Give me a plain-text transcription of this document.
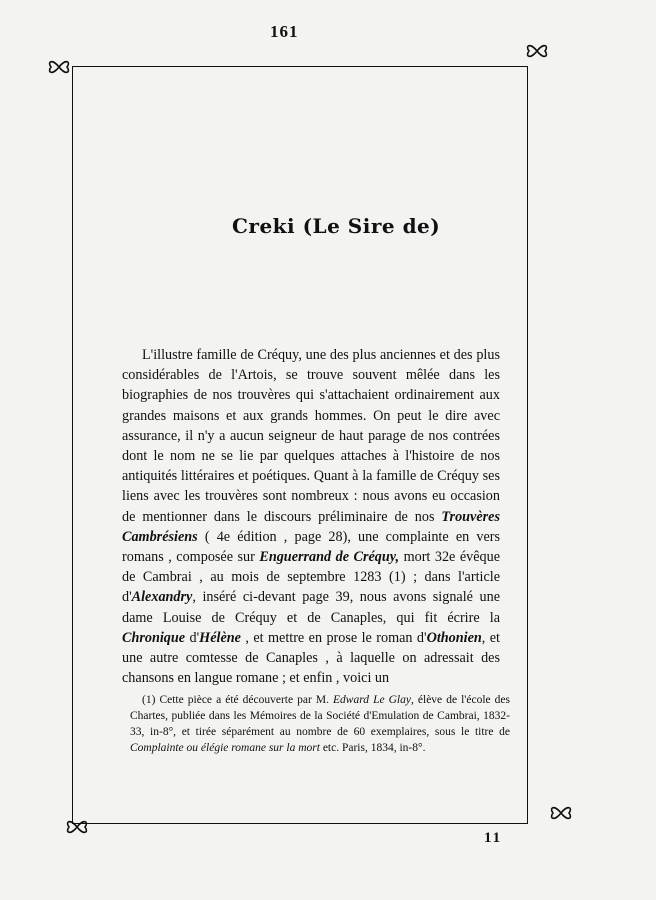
161
Creki (Le Sire de)

L'illustre famille de Créquy, une des plus anciennes et des plus considérables de l'Artois, se trouve souvent mêlée dans les biographies de nos trouvères qui s'attachaient ordinairement aux grandes maisons et aux grands hommes. On peut le dire avec assurance, il n'y a aucun seigneur de haut parage de nos contrées dont le nom ne se lie par quelques attaches à l'histoire de nos antiquités littéraires et poétiques. Quant à la famille de Créquy ses liens avec les trouvères sont nombreux : nous avons eu occasion de mentionner dans le discours préliminaire de nos Trouvères Cambrésiens ( 4e édition , page 28), une complainte en vers romans , composée sur Enguerrand de Créquy, mort 32e évêque de Cambrai , au mois de septembre 1283 (1) ; dans l'article d'Alexandry, inséré ci-devant page 39, nous avons signalé une dame Louise de Créquy et de Canaples, qui fit écrire la Chronique d'Hélène , et mettre en prose le roman d'Othonien, et une autre comtesse de Canaples , à laquelle on adressait des chansons en langue romane ; et enfin , voici un

(1) Cette pièce a été découverte par M. Edward Le Glay, élève de l'école des Chartes, publiée dans les Mémoires de la Société d'Emulation de Cambrai, 1832-33, in-8°, et tirée séparément au nombre de 60 exemplaires, sous le titre de Complainte ou élégie romane sur la mort etc. Paris, 1834, in-8°.

11
